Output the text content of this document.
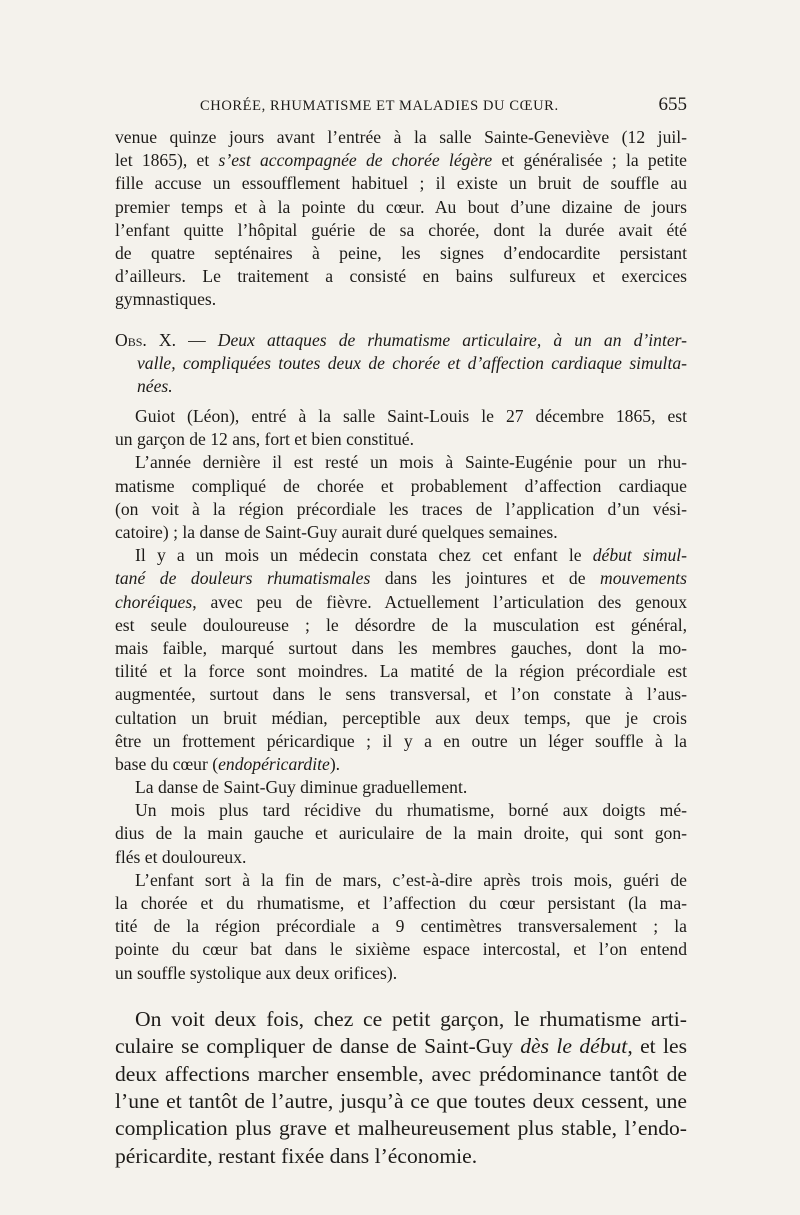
CHORÉE, RHUMATISME ET MALADIES DU CŒUR.	655
venue quinze jours avant l’entrée à la salle Sainte-Geneviève (12 juil-
let 1865), et s’est accompagnée de chorée légère et généralisée ; la petite
fille accuse un essoufflement habituel ; il existe un bruit de souffle au
premier temps et à la pointe du cœur. Au bout d’une dizaine de jours
l’enfant quitte l’hôpital guérie de sa chorée, dont la durée avait été
de quatre septénaires à peine, les signes d’endocardite persistant
d’ailleurs. Le traitement a consisté en bains sulfureux et exercices
gymnastiques.
Obs. X. — Deux attaques de rhumatisme articulaire, à un an d’inter-
valle, compliquées toutes deux de chorée et d’affection cardiaque simulta-
nées.
Guiot (Léon), entré à la salle Saint-Louis le 27 décembre 1865, est
un garçon de 12 ans, fort et bien constitué.
L’année dernière il est resté un mois à Sainte-Eugénie pour un rhu-
matisme compliqué de chorée et probablement d’affection cardiaque
(on voit à la région précordiale les traces de l’application d’un vési-
catoire) ; la danse de Saint-Guy aurait duré quelques semaines.
Il y a un mois un médecin constata chez cet enfant le début simul-
tané de douleurs rhumatismales dans les jointures et de mouvements
choréiques, avec peu de fièvre. Actuellement l’articulation des genoux
est seule douloureuse ; le désordre de la musculation est général,
mais faible, marqué surtout dans les membres gauches, dont la mo-
tilité et la force sont moindres. La matité de la région précordiale est
augmentée, surtout dans le sens transversal, et l’on constate à l’aus-
cultation un bruit médian, perceptible aux deux temps, que je crois
être un frottement péricardique ; il y a en outre un léger souffle à la
base du cœur (endopéricardite).
La danse de Saint-Guy diminue graduellement.
Un mois plus tard récidive du rhumatisme, borné aux doigts mé-
dius de la main gauche et auriculaire de la main droite, qui sont gon-
flés et douloureux.
L’enfant sort à la fin de mars, c’est-à-dire après trois mois, guéri de
la chorée et du rhumatisme, et l’affection du cœur persistant (la ma-
tité de la région précordiale a 9 centimètres transversalement ; la
pointe du cœur bat dans le sixième espace intercostal, et l’on entend
un souffle systolique aux deux orifices).
On voit deux fois, chez ce petit garçon, le rhumatisme arti-
culaire se compliquer de danse de Saint-Guy dès le début, et les
deux affections marcher ensemble, avec prédominance tantôt de
l’une et tantôt de l’autre, jusqu’à ce que toutes deux cessent, une
complication plus grave et malheureusement plus stable, l’endo-
péricardite, restant fixée dans l’économie.
